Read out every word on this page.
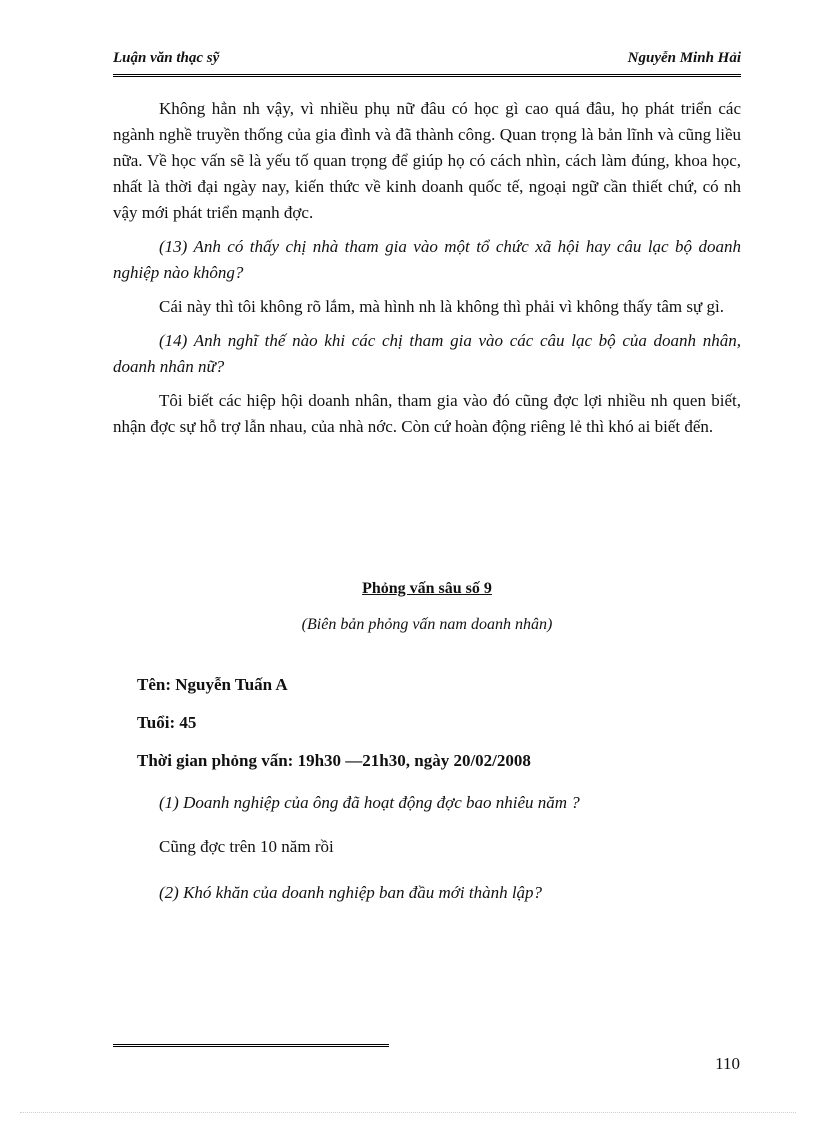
Luận văn thạc sỹ	Nguyễn Minh Hải

Không hẳn nh vậy, vì nhiều phụ nữ đâu có học gì cao quá đâu, họ phát triển các ngành nghề truyền thống của gia đình và đã thành công. Quan trọng là bản lĩnh và cũng liều nữa. Về học vấn sẽ là yếu tố quan trọng để giúp họ có cách nhìn, cách làm đúng, khoa học, nhất là thời đại ngày nay, kiến thức về kinh doanh quốc tế, ngoại ngữ cần thiết chứ, có nh vậy mới phát triển mạnh đợc.

(13) Anh có thấy chị nhà tham gia vào một tổ chức xã hội hay câu lạc bộ doanh nghiệp nào không?

Cái này thì tôi không rõ lắm, mà hình nh là không thì phải vì không thấy tâm sự gì.

(14) Anh nghĩ thế nào khi các chị tham gia vào các câu lạc bộ của doanh nhân, doanh nhân nữ?

Tôi biết các hiệp hội doanh nhân, tham gia vào đó cũng đợc lợi nhiều nh quen biết, nhận đợc sự hỗ trợ lẫn nhau, của nhà nớc. Còn cứ hoàn động riêng lẻ thì khó ai biết đến.

Phỏng vấn sâu số 9

(Biên bản phỏng vấn nam doanh nhân)

Tên: Nguyễn Tuấn A

Tuổi: 45

Thời gian phỏng vấn: 19h30 —21h30, ngày 20/02/2008

(1) Doanh nghiệp của ông đã hoạt động đợc bao nhiêu năm ?

Cũng đợc trên 10 năm rồi

(2) Khó khăn của doanh nghiệp ban đầu mới thành lập?

110
